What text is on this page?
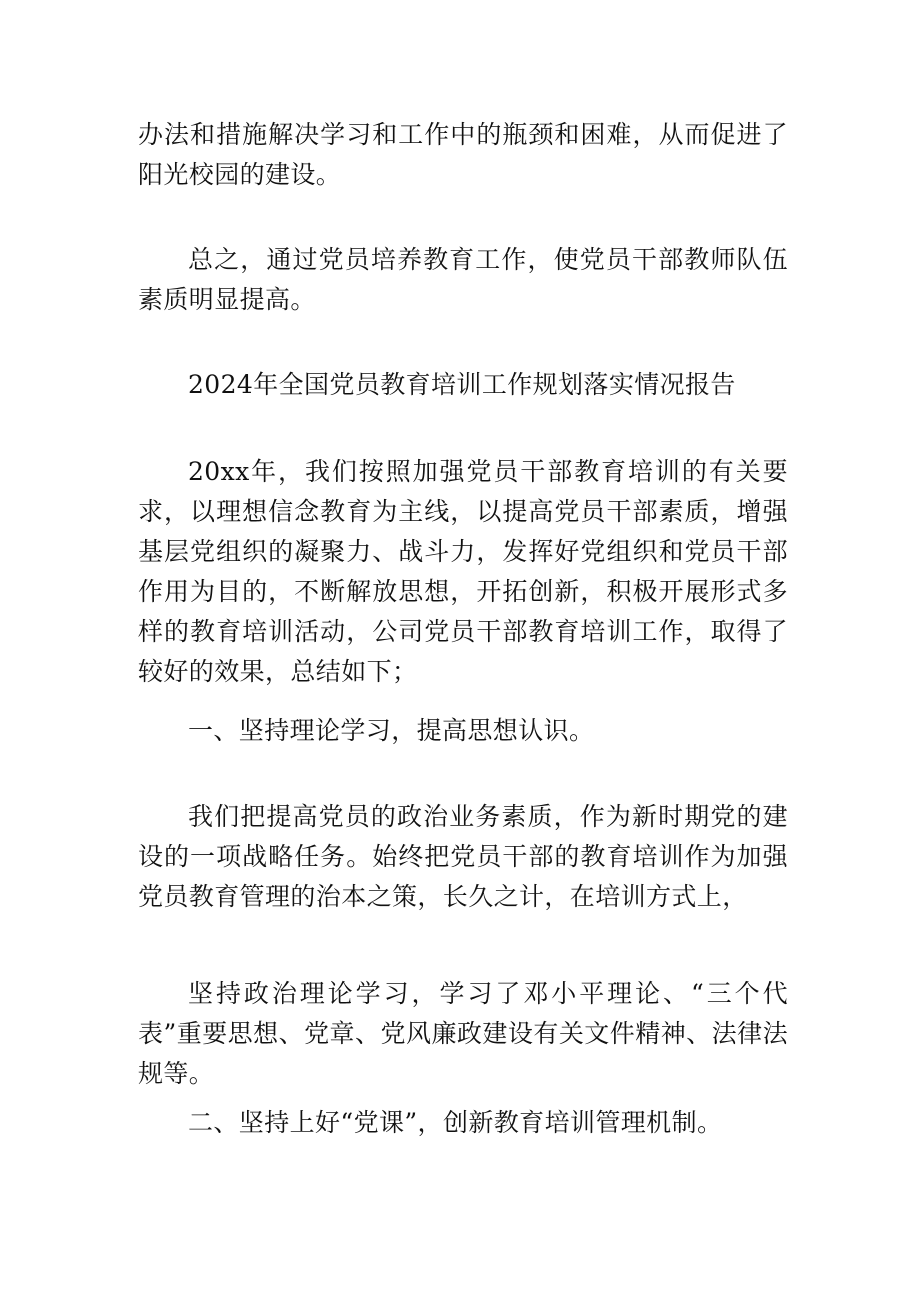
办法和措施解决学习和工作中的瓶颈和困难，从而促进了阳光校园的建设。

总之，通过党员培养教育工作，使党员干部教师队伍素质明显提高。

2024年全国党员教育培训工作规划落实情况报告

20xx年，我们按照加强党员干部教育培训的有关要求，以理想信念教育为主线，以提高党员干部素质，增强基层党组织的凝聚力、战斗力，发挥好党组织和党员干部作用为目的，不断解放思想，开拓创新，积极开展形式多样的教育培训活动，公司党员干部教育培训工作，取得了较好的效果，总结如下；

一、坚持理论学习，提高思想认识。

我们把提高党员的政治业务素质，作为新时期党的建设的一项战略任务。始终把党员干部的教育培训作为加强党员教育管理的治本之策，长久之计，在培训方式上，

坚持政治理论学习，学习了邓小平理论、“三个代表”重要思想、党章、党风廉政建设有关文件精神、法律法规等。

二、坚持上好“党课”，创新教育培训管理机制。
